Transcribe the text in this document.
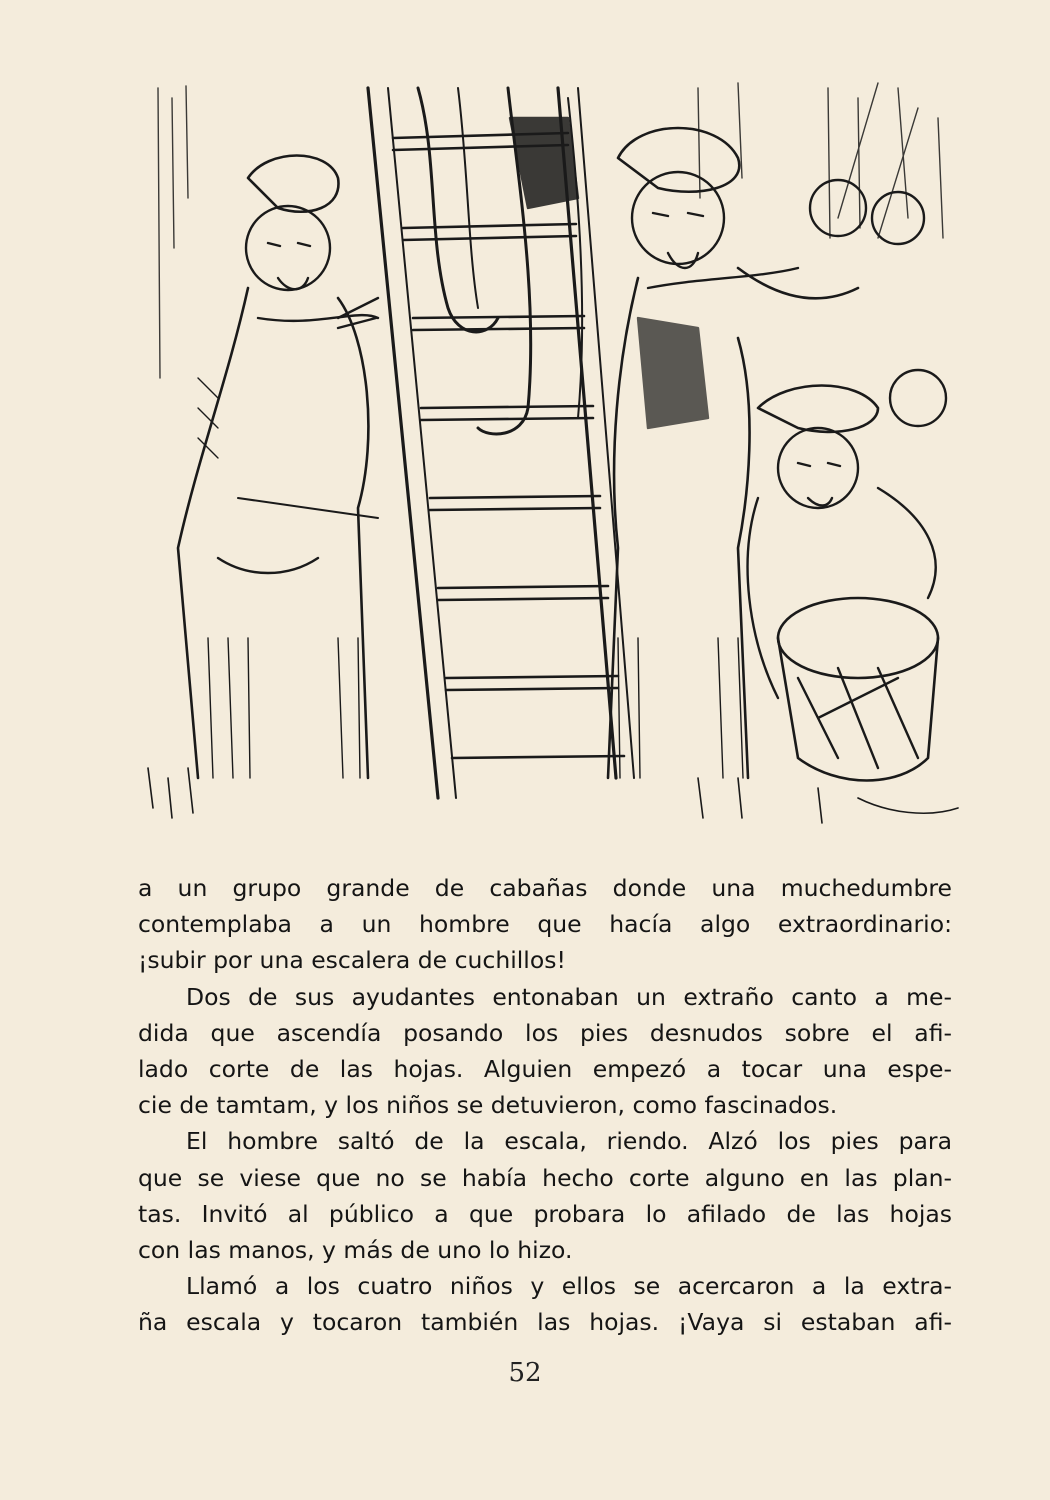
a un grupo grande de cabañas donde una muchedumbre
contemplaba a un hombre que hacía algo extraordinario:
¡subir por una escalera de cuchillos!
Dos de sus ayudantes entonaban un extraño canto a me-
dida que ascendía posando los pies desnudos sobre el afi-
lado corte de las hojas. Alguien empezó a tocar una espe-
cie de tamtam, y los niños se detuvieron, como fascinados.
El hombre saltó de la escala, riendo. Alzó los pies para
que se viese que no se había hecho corte alguno en las plan-
tas. Invitó al público a que probara lo afilado de las hojas
con las manos, y más de uno lo hizo.
Llamó a los cuatro niños y ellos se acercaron a la extra-
ña escala y tocaron también las hojas. ¡Vaya si estaban afi-
52
